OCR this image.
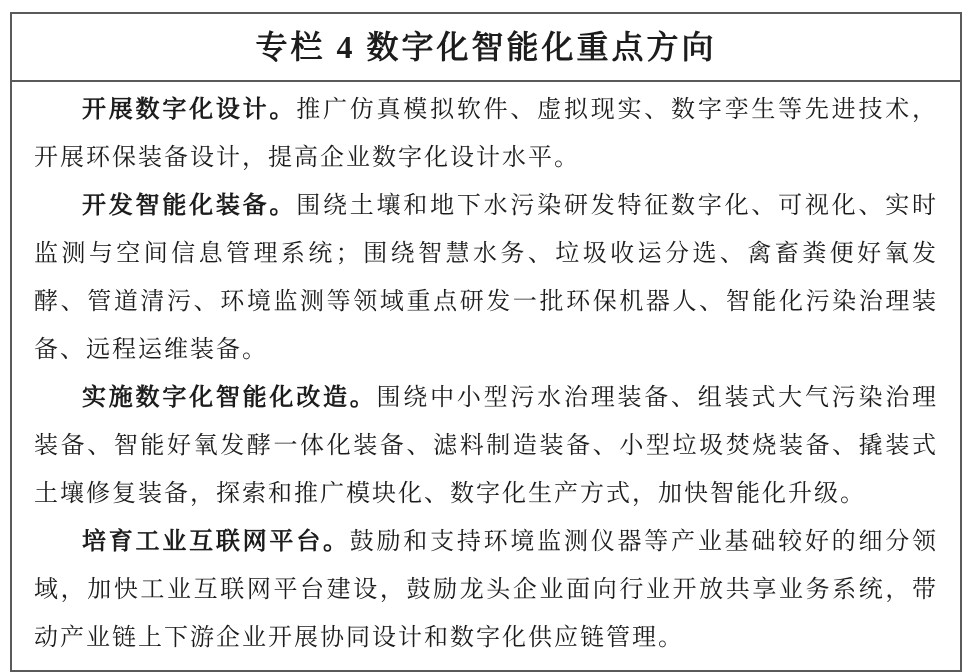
专栏 4 数字化智能化重点方向

开展数字化设计。推广仿真模拟软件、虚拟现实、数字孪生等先进技术，开展环保装备设计，提高企业数字化设计水平。

开发智能化装备。围绕土壤和地下水污染研发特征数字化、可视化、实时监测与空间信息管理系统；围绕智慧水务、垃圾收运分选、禽畜粪便好氧发酵、管道清污、环境监测等领域重点研发一批环保机器人、智能化污染治理装备、远程运维装备。

实施数字化智能化改造。围绕中小型污水治理装备、组装式大气污染治理装备、智能好氧发酵一体化装备、滤料制造装备、小型垃圾焚烧装备、撬装式土壤修复装备，探索和推广模块化、数字化生产方式，加快智能化升级。

培育工业互联网平台。鼓励和支持环境监测仪器等产业基础较好的细分领域，加快工业互联网平台建设，鼓励龙头企业面向行业开放共享业务系统，带动产业链上下游企业开展协同设计和数字化供应链管理。
